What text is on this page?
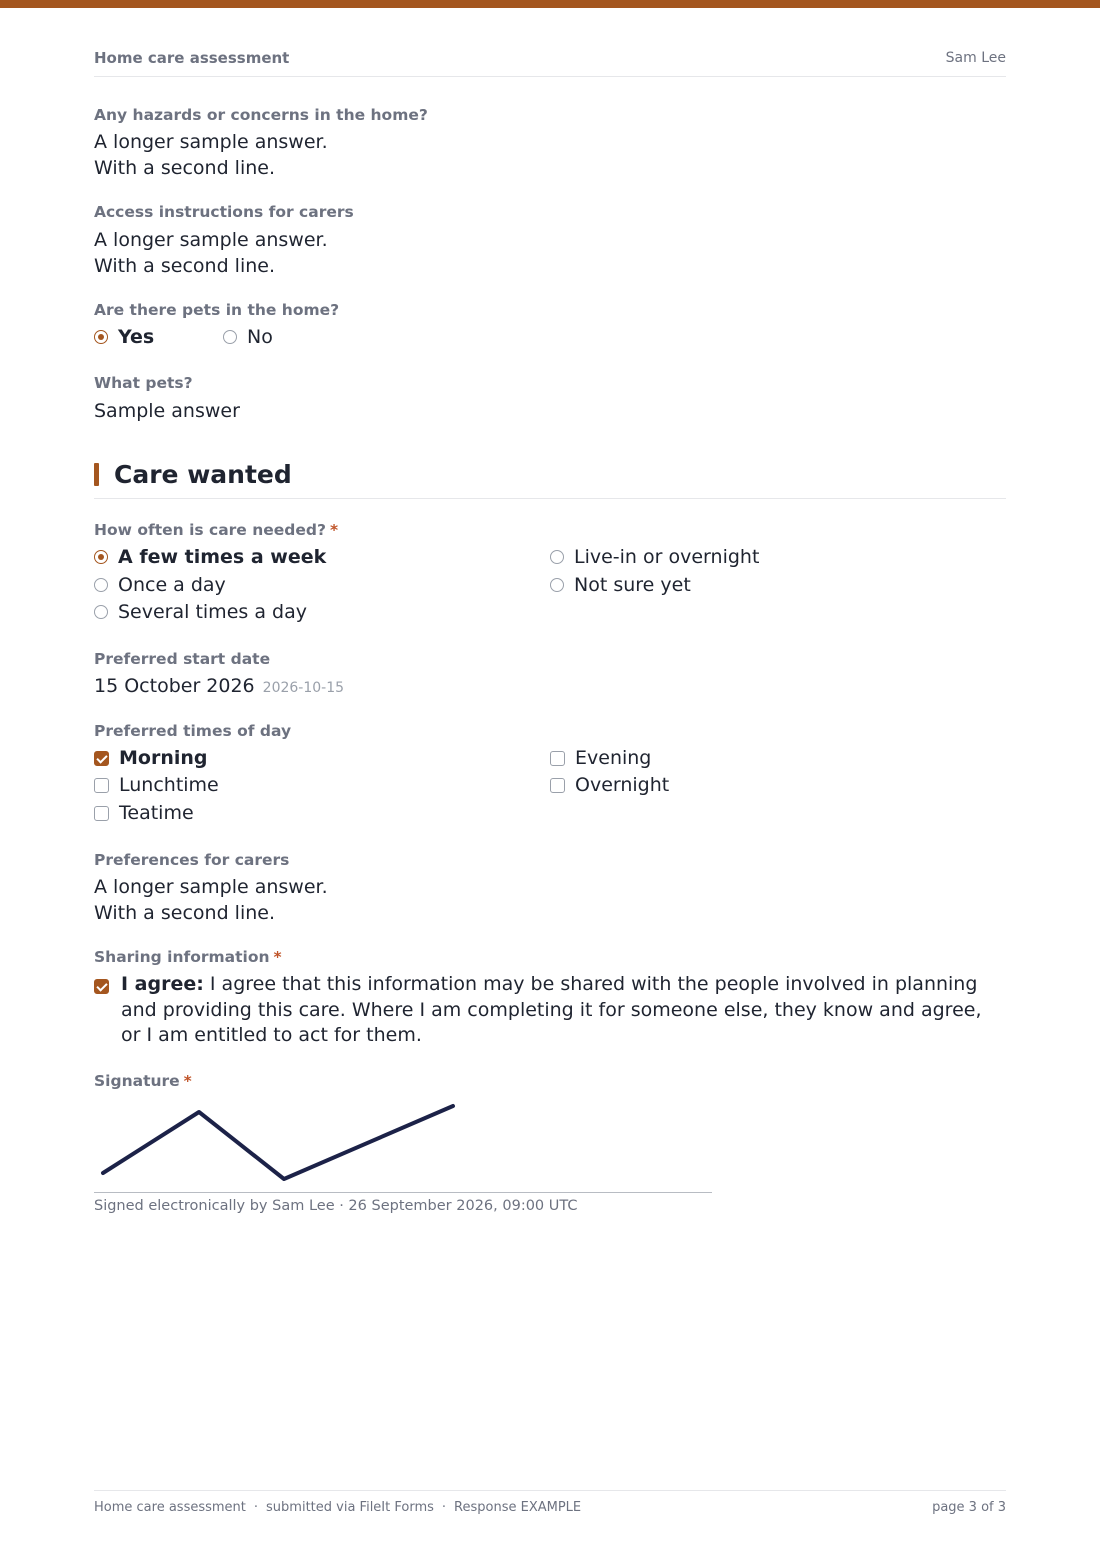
Home care assessment	Sam Lee
Any hazards or concerns in the home?
A longer sample answer.
With a second line.
Access instructions for carers
A longer sample answer.
With a second line.
Are there pets in the home?
Yes	No
What pets?
Sample answer
Care wanted
How often is care needed? *
A few times a week
Once a day
Several times a day
Live-in or overnight
Not sure yet
Preferred start date
15 October 2026 2026-10-15
Preferred times of day
Morning
Lunchtime
Teatime
Evening
Overnight
Preferences for carers
A longer sample answer.
With a second line.
Sharing information *
I agree: I agree that this information may be shared with the people involved in planning and providing this care. Where I am completing it for someone else, they know and agree, or I am entitled to act for them.
Signature *
Signed electronically by Sam Lee · 26 September 2026, 09:00 UTC
Home care assessment · submitted via FileIt Forms · Response EXAMPLE	page 3 of 3
